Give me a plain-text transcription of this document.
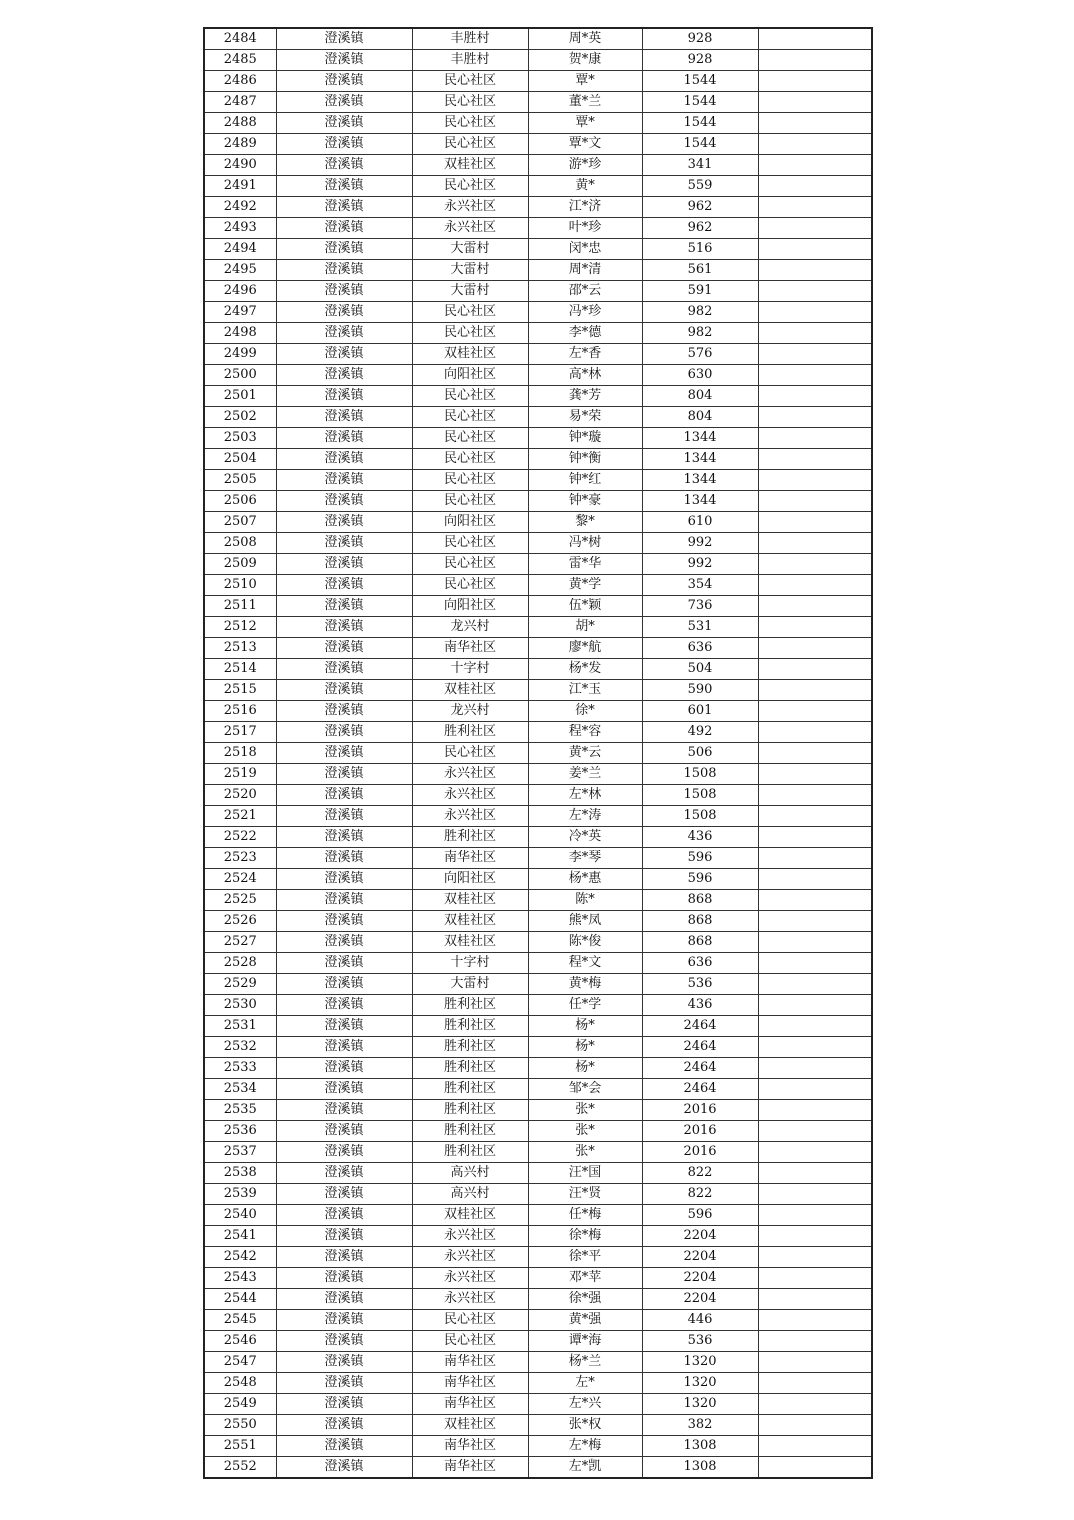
2484	澄溪镇	丰胜村	周*英	928	
2485	澄溪镇	丰胜村	贺*康	928	
2486	澄溪镇	民心社区	覃*	1544	
2487	澄溪镇	民心社区	董*兰	1544	
2488	澄溪镇	民心社区	覃*	1544	
2489	澄溪镇	民心社区	覃*文	1544	
2490	澄溪镇	双桂社区	游*珍	341	
2491	澄溪镇	民心社区	黄*	559	
2492	澄溪镇	永兴社区	江*济	962	
2493	澄溪镇	永兴社区	叶*珍	962	
2494	澄溪镇	大雷村	闵*忠	516	
2495	澄溪镇	大雷村	周*清	561	
2496	澄溪镇	大雷村	邵*云	591	
2497	澄溪镇	民心社区	冯*珍	982	
2498	澄溪镇	民心社区	李*德	982	
2499	澄溪镇	双桂社区	左*香	576	
2500	澄溪镇	向阳社区	高*林	630	
2501	澄溪镇	民心社区	龚*芳	804	
2502	澄溪镇	民心社区	易*荣	804	
2503	澄溪镇	民心社区	钟*璇	1344	
2504	澄溪镇	民心社区	钟*衡	1344	
2505	澄溪镇	民心社区	钟*红	1344	
2506	澄溪镇	民心社区	钟*豪	1344	
2507	澄溪镇	向阳社区	黎*	610	
2508	澄溪镇	民心社区	冯*树	992	
2509	澄溪镇	民心社区	雷*华	992	
2510	澄溪镇	民心社区	黄*学	354	
2511	澄溪镇	向阳社区	伍*颖	736	
2512	澄溪镇	龙兴村	胡*	531	
2513	澄溪镇	南华社区	廖*航	636	
2514	澄溪镇	十字村	杨*发	504	
2515	澄溪镇	双桂社区	江*玉	590	
2516	澄溪镇	龙兴村	徐*	601	
2517	澄溪镇	胜利社区	程*容	492	
2518	澄溪镇	民心社区	黄*云	506	
2519	澄溪镇	永兴社区	姜*兰	1508	
2520	澄溪镇	永兴社区	左*林	1508	
2521	澄溪镇	永兴社区	左*涛	1508	
2522	澄溪镇	胜利社区	冷*英	436	
2523	澄溪镇	南华社区	李*琴	596	
2524	澄溪镇	向阳社区	杨*惠	596	
2525	澄溪镇	双桂社区	陈*	868	
2526	澄溪镇	双桂社区	熊*凤	868	
2527	澄溪镇	双桂社区	陈*俊	868	
2528	澄溪镇	十字村	程*文	636	
2529	澄溪镇	大雷村	黄*梅	536	
2530	澄溪镇	胜利社区	任*学	436	
2531	澄溪镇	胜利社区	杨*	2464	
2532	澄溪镇	胜利社区	杨*	2464	
2533	澄溪镇	胜利社区	杨*	2464	
2534	澄溪镇	胜利社区	邹*会	2464	
2535	澄溪镇	胜利社区	张*	2016	
2536	澄溪镇	胜利社区	张*	2016	
2537	澄溪镇	胜利社区	张*	2016	
2538	澄溪镇	高兴村	汪*国	822	
2539	澄溪镇	高兴村	汪*贤	822	
2540	澄溪镇	双桂社区	任*梅	596	
2541	澄溪镇	永兴社区	徐*梅	2204	
2542	澄溪镇	永兴社区	徐*平	2204	
2543	澄溪镇	永兴社区	邓*苹	2204	
2544	澄溪镇	永兴社区	徐*强	2204	
2545	澄溪镇	民心社区	黄*强	446	
2546	澄溪镇	民心社区	谭*海	536	
2547	澄溪镇	南华社区	杨*兰	1320	
2548	澄溪镇	南华社区	左*	1320	
2549	澄溪镇	南华社区	左*兴	1320	
2550	澄溪镇	双桂社区	张*权	382	
2551	澄溪镇	南华社区	左*梅	1308	
2552	澄溪镇	南华社区	左*凯	1308	
